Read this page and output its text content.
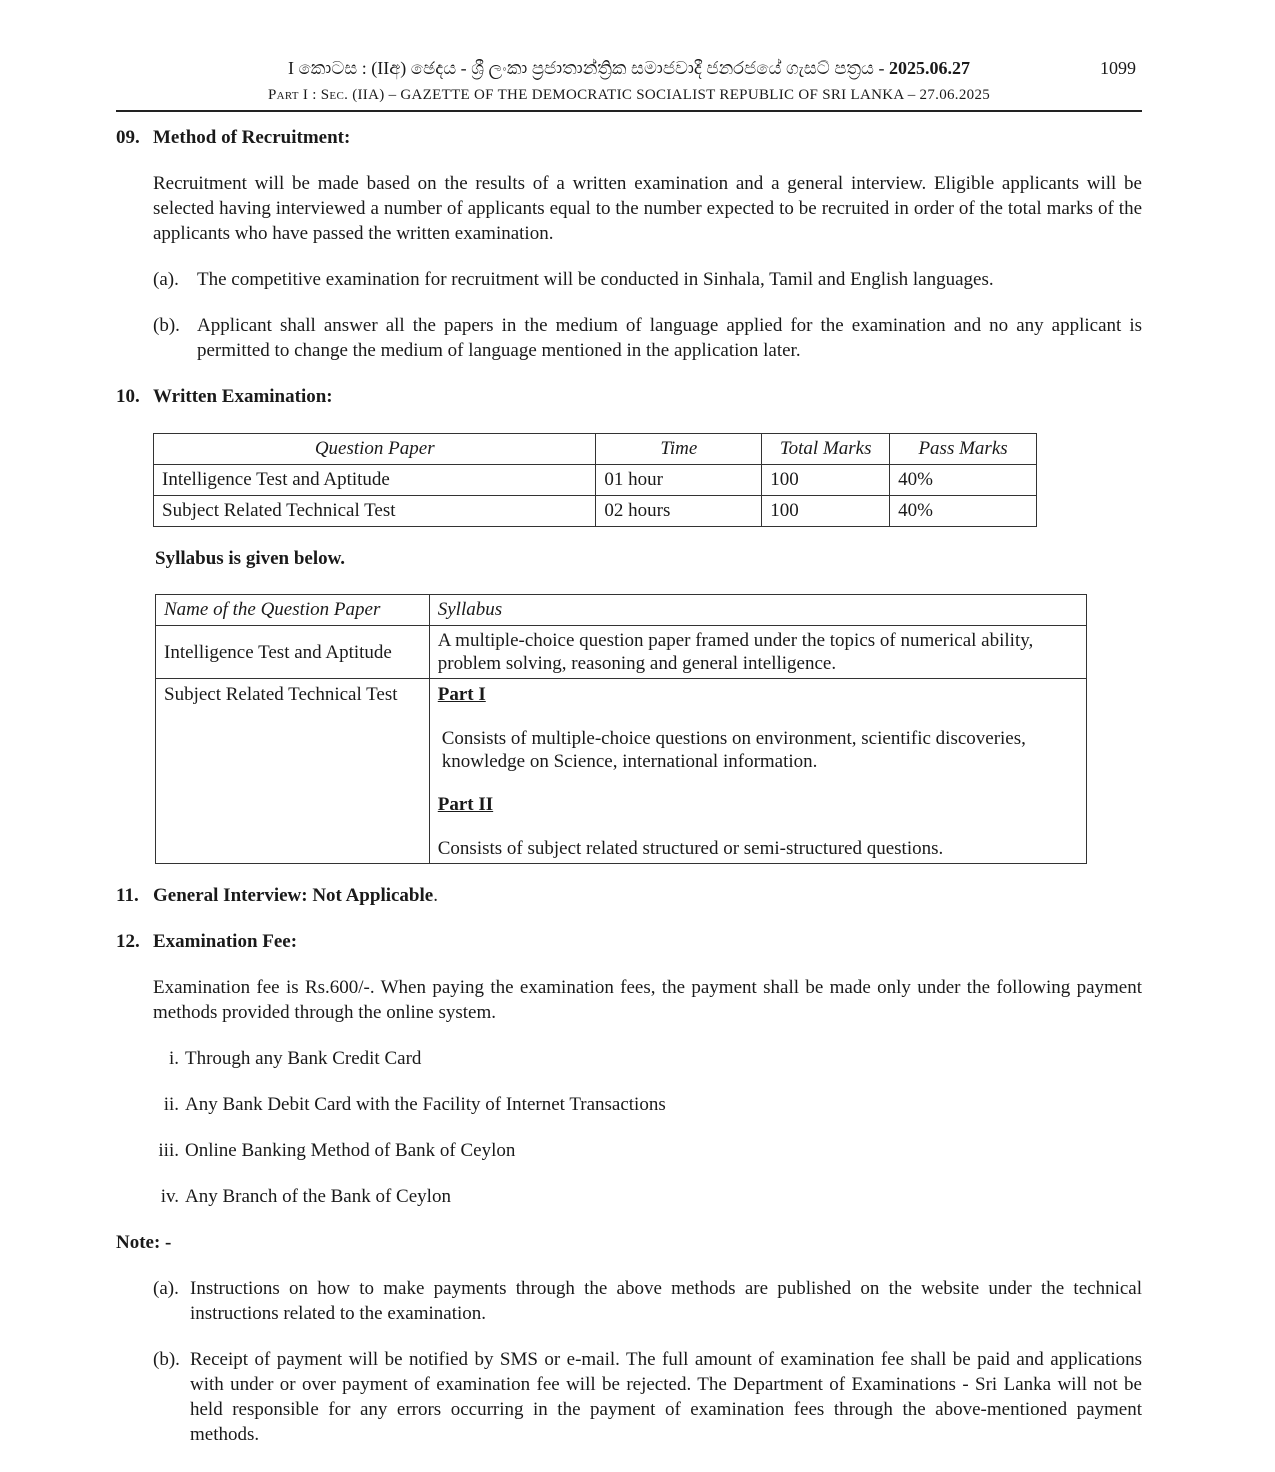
I කොටස : (IIඅ) ඡෙදය - ශ්‍රී ලංකා ප්‍රජාතාන්ත්‍රික සමාජවාදී ජනරජයේ ගැසට් පත්‍රය - 2025.06.27
Part I : Sec. (IIA) – GAZETTE OF THE DEMOCRATIC SOCIALIST REPUBLIC OF SRI LANKA – 27.06.2025
1099
09. Method of Recruitment:
Recruitment will be made based on the results of a written examination and a general interview. Eligible applicants will be selected having interviewed a number of applicants equal to the number expected to be recruited in order of the total marks of the applicants who have passed the written examination.
(a). The competitive examination for recruitment will be conducted in Sinhala, Tamil and English languages.
(b). Applicant shall answer all the papers in the medium of language applied for the examination and no any applicant is permitted to change the medium of language mentioned in the application later.
10. Written Examination:
Question Paper	Time	Total Marks	Pass Marks
Intelligence Test and Aptitude	01 hour	100	40%
Subject Related Technical Test	02 hours	100	40%
Syllabus is given below.
Name of the Question Paper	Syllabus
Intelligence Test and Aptitude	A multiple-choice question paper framed under the topics of numerical ability, problem solving, reasoning and general intelligence.
Subject Related Technical Test	Part I
Consists of multiple-choice questions on environment, scientific discoveries, knowledge on Science, international information.
Part II
Consists of subject related structured or semi-structured questions.
11. General Interview: Not Applicable.
12. Examination Fee:
Examination fee is Rs.600/-. When paying the examination fees, the payment shall be made only under the following payment methods provided through the online system.
i. Through any Bank Credit Card
ii. Any Bank Debit Card with the Facility of Internet Transactions
iii. Online Banking Method of Bank of Ceylon
iv. Any Branch of the Bank of Ceylon
Note: -
(a). Instructions on how to make payments through the above methods are published on the website under the technical instructions related to the examination.
(b). Receipt of payment will be notified by SMS or e-mail. The full amount of examination fee shall be paid and applications with under or over payment of examination fee will be rejected. The Department of Examinations - Sri Lanka will not be held responsible for any errors occurring in the payment of examination fees through the above-mentioned payment methods.
